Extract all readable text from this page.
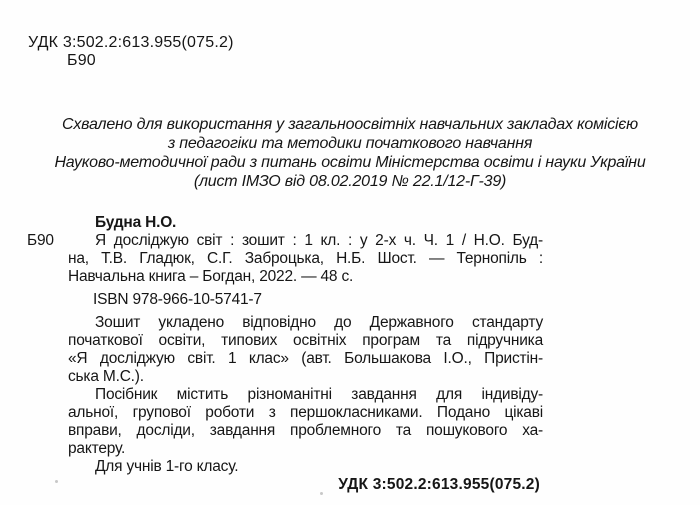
УДК 3:502.2:613.955(075.2)
Б90
Схвалено для використання у загальноосвітніх навчальних закладах комісією
з педагогіки та методики початкового навчання
Науково-методичної ради з питань освіти Міністерства освіти і науки України
(лист ІМЗО від 08.02.2019 № 22.1/12-Г-39)
Б90
Будна Н.О.
Я досліджую світ : зошит : 1 кл. : у 2-х ч. Ч. 1 / Н.О. Буд-
на, Т.В. Гладюк, С.Г. Заброцька, Н.Б. Шост. — Тернопіль :
Навчальна книга – Богдан, 2022. — 48 с.
ISBN 978-966-10-5741-7
Зошит укладено відповідно до Державного стандарту
початкової освіти, типових освітніх програм та підручника
«Я досліджую світ. 1 клас» (авт. Большакова І.О., Пристін-
ська М.С.).
Посібник містить різноманітні завдання для індивіду-
альної, групової роботи з першокласниками. Подано цікаві
вправи, досліди, завдання проблемного та пошукового ха-
рактеру.
Для учнів 1-го класу.
УДК 3:502.2:613.955(075.2)
